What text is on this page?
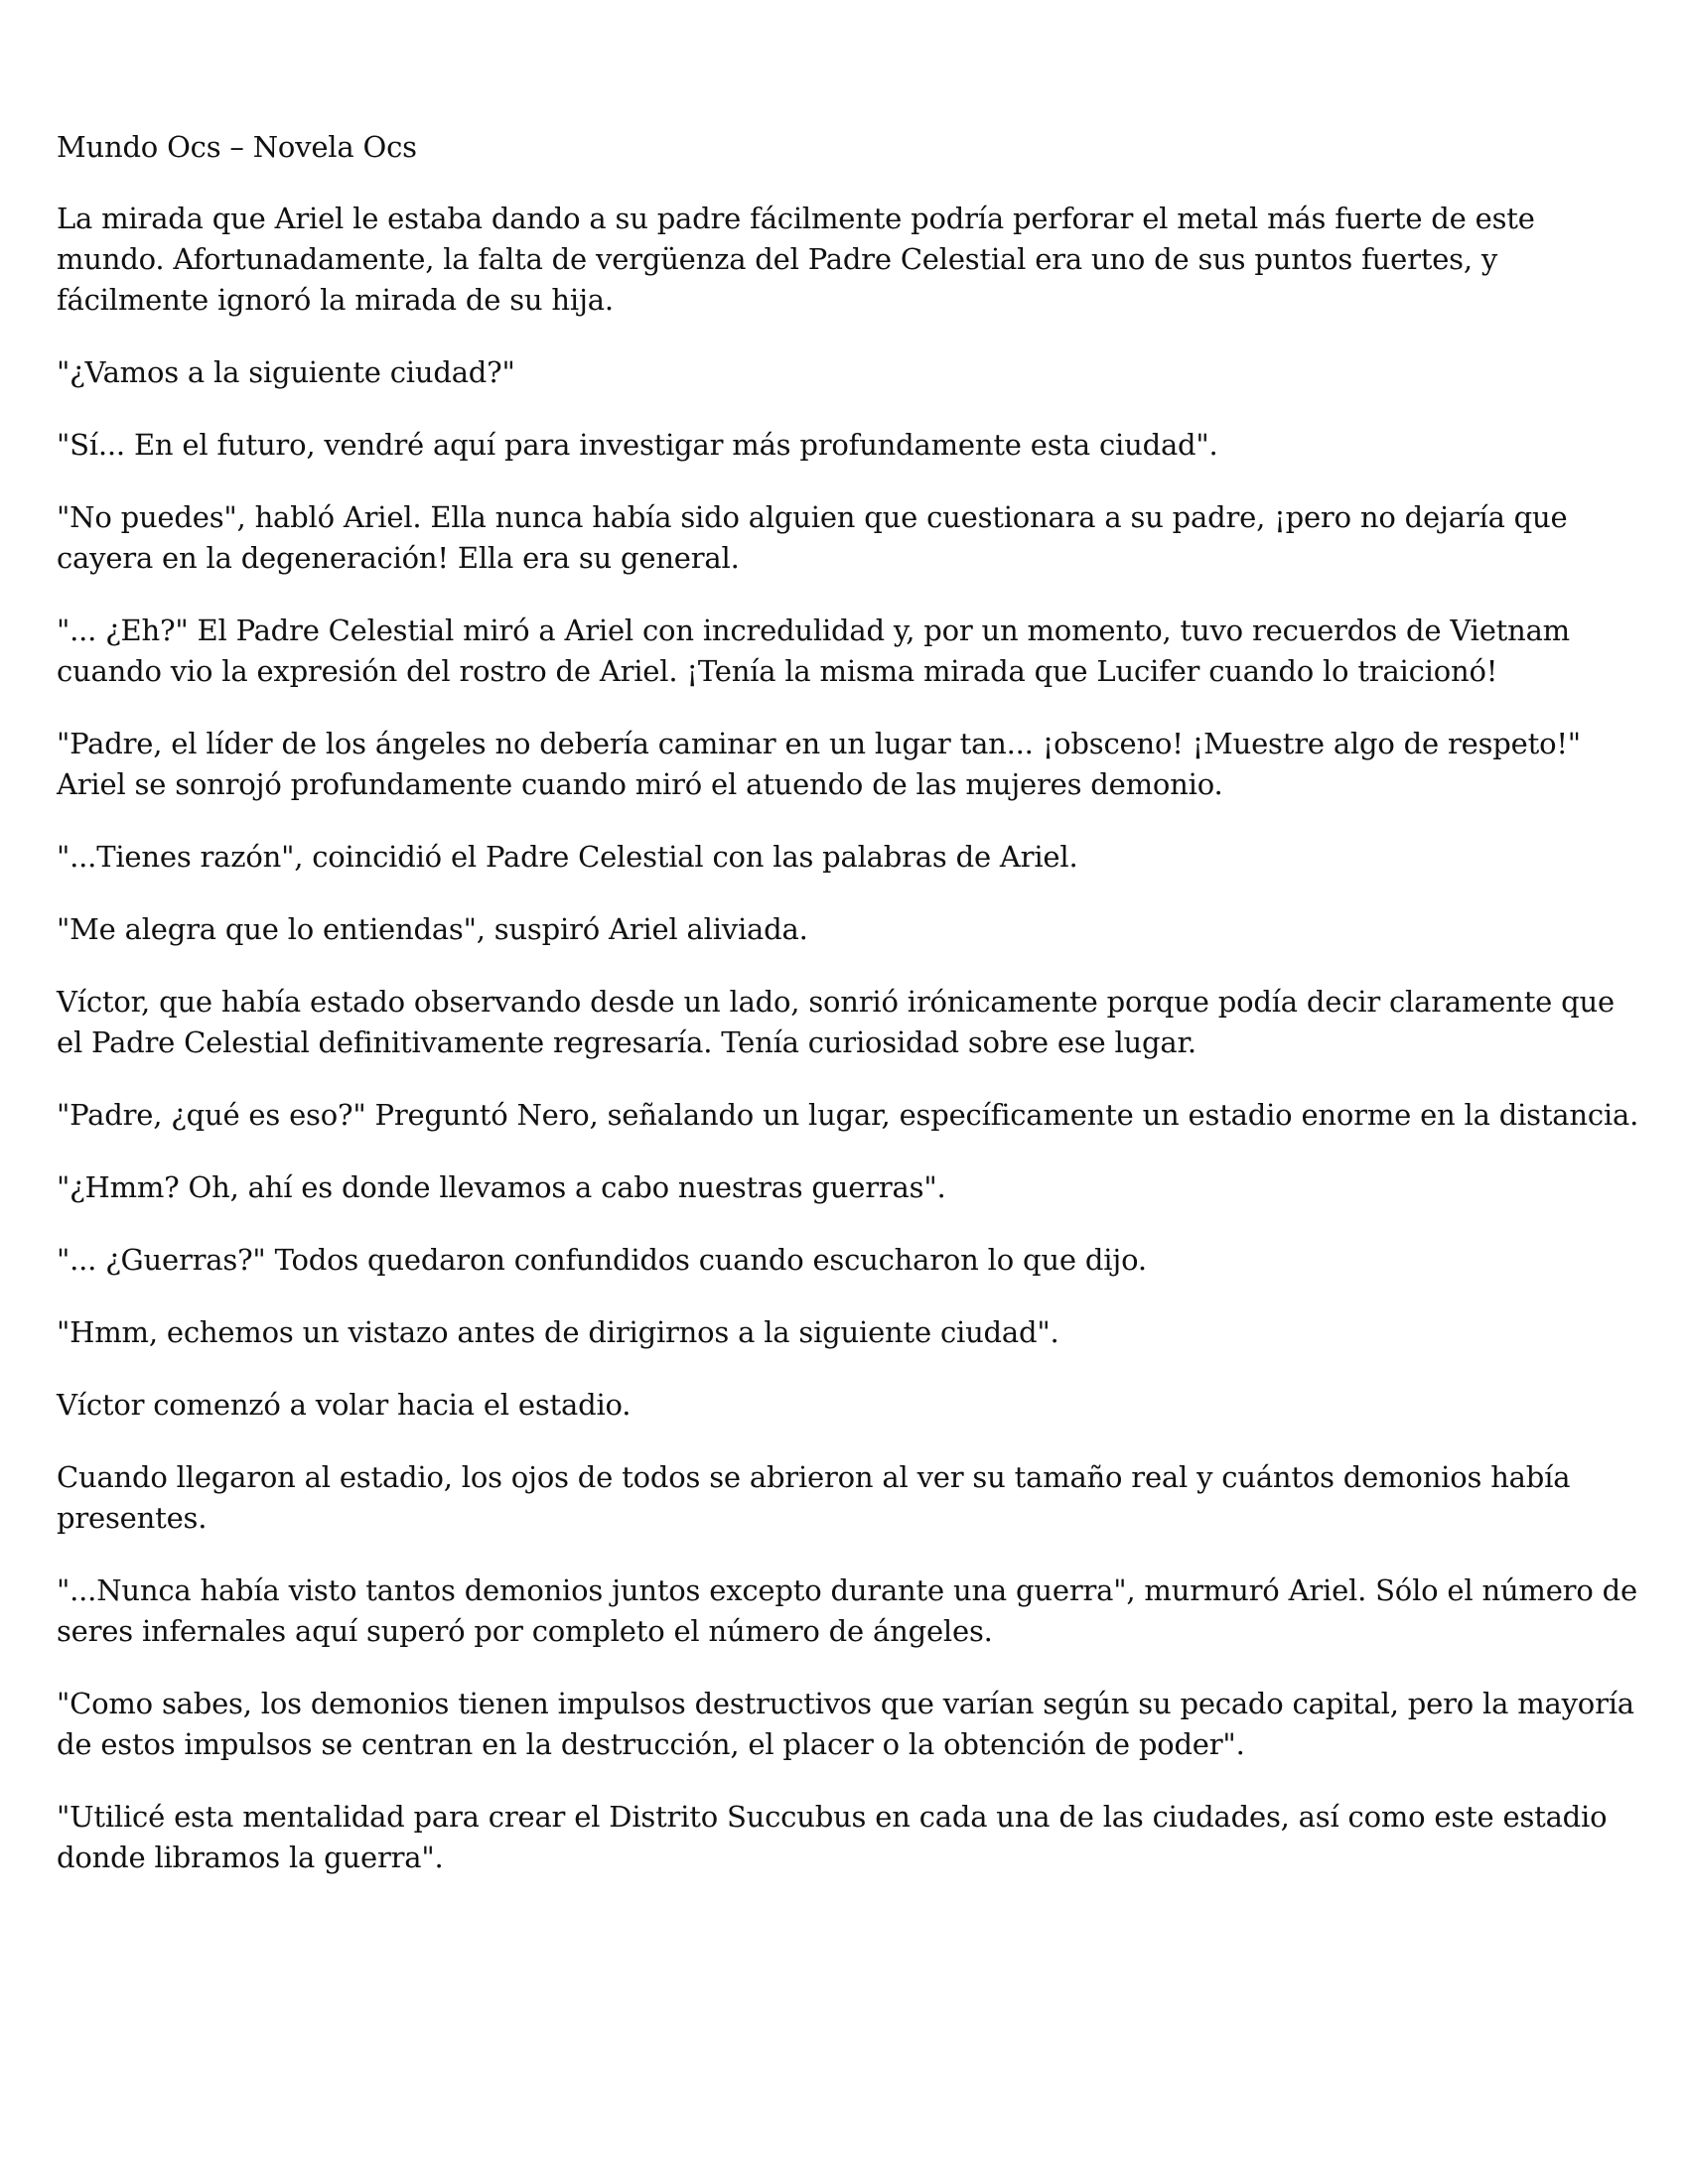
Mundo Ocs – Novela Ocs

La mirada que Ariel le estaba dando a su padre fácilmente podría perforar el metal más fuerte de este mundo. Afortunadamente, la falta de vergüenza del Padre Celestial era uno de sus puntos fuertes, y fácilmente ignoró la mirada de su hija.

"¿Vamos a la siguiente ciudad?"

"Sí... En el futuro, vendré aquí para investigar más profundamente esta ciudad".

"No puedes", habló Ariel. Ella nunca había sido alguien que cuestionara a su padre, ¡pero no dejaría que cayera en la degeneración! Ella era su general.

"... ¿Eh?" El Padre Celestial miró a Ariel con incredulidad y, por un momento, tuvo recuerdos de Vietnam cuando vio la expresión del rostro de Ariel. ¡Tenía la misma mirada que Lucifer cuando lo traicionó!

"Padre, el líder de los ángeles no debería caminar en un lugar tan... ¡obsceno! ¡Muestre algo de respeto!" Ariel se sonrojó profundamente cuando miró el atuendo de las mujeres demonio.

"...Tienes razón", coincidió el Padre Celestial con las palabras de Ariel.

"Me alegra que lo entiendas", suspiró Ariel aliviada.

Víctor, que había estado observando desde un lado, sonrió irónicamente porque podía decir claramente que el Padre Celestial definitivamente regresaría. Tenía curiosidad sobre ese lugar.

"Padre, ¿qué es eso?" Preguntó Nero, señalando un lugar, específicamente un estadio enorme en la distancia.

"¿Hmm? Oh, ahí es donde llevamos a cabo nuestras guerras".

"... ¿Guerras?" Todos quedaron confundidos cuando escucharon lo que dijo.

"Hmm, echemos un vistazo antes de dirigirnos a la siguiente ciudad".

Víctor comenzó a volar hacia el estadio.

Cuando llegaron al estadio, los ojos de todos se abrieron al ver su tamaño real y cuántos demonios había presentes.

"...Nunca había visto tantos demonios juntos excepto durante una guerra", murmuró Ariel. Sólo el número de seres infernales aquí superó por completo el número de ángeles.

"Como sabes, los demonios tienen impulsos destructivos que varían según su pecado capital, pero la mayoría de estos impulsos se centran en la destrucción, el placer o la obtención de poder".

"Utilicé esta mentalidad para crear el Distrito Succubus en cada una de las ciudades, así como este estadio donde libramos la guerra".
